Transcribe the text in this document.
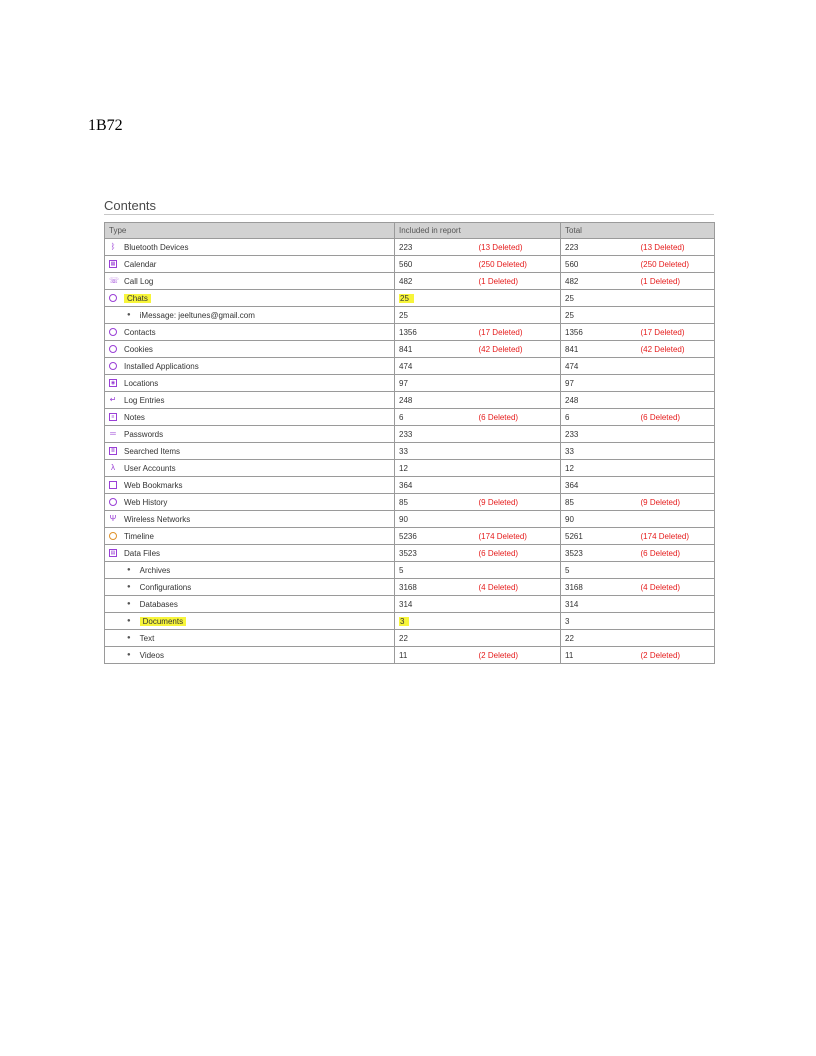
1B72
Contents
Type	Included in report		Total	

ᛒ Bluetooth Devices	223	(13 Deleted)	223	(13 Deleted)

▦ Calendar	560	(250 Deleted)	560	(250 Deleted)

☏ Call Log	482	(1 Deleted)	482	(1 Deleted)

Chats	25		25	

● iMessage: jeeltunes@gmail.com	25		25	

Contacts	1356	(17 Deleted)	1356	(17 Deleted)

Cookies	841	(42 Deleted)	841	(42 Deleted)

Installed Applications	474		474	

◉ Locations	97		97	

↵ Log Entries	248		248	

≡ Notes	6	(6 Deleted)	6	(6 Deleted)

═ Passwords	233		233	

≣ Searched Items	33		33	

λ User Accounts	12		12	

Web Bookmarks	364		364	

Web History	85	(9 Deleted)	85	(9 Deleted)

Ψ Wireless Networks	90		90	

Timeline	5236	(174 Deleted)	5261	(174 Deleted)

▤ Data Files	3523	(6 Deleted)	3523	(6 Deleted)

● Archives	5		5	

● Configurations	3168	(4 Deleted)	3168	(4 Deleted)

● Databases	314		314	

● Documents	3		3	

● Text	22		22	

● Videos	11	(2 Deleted)	11	(2 Deleted)
